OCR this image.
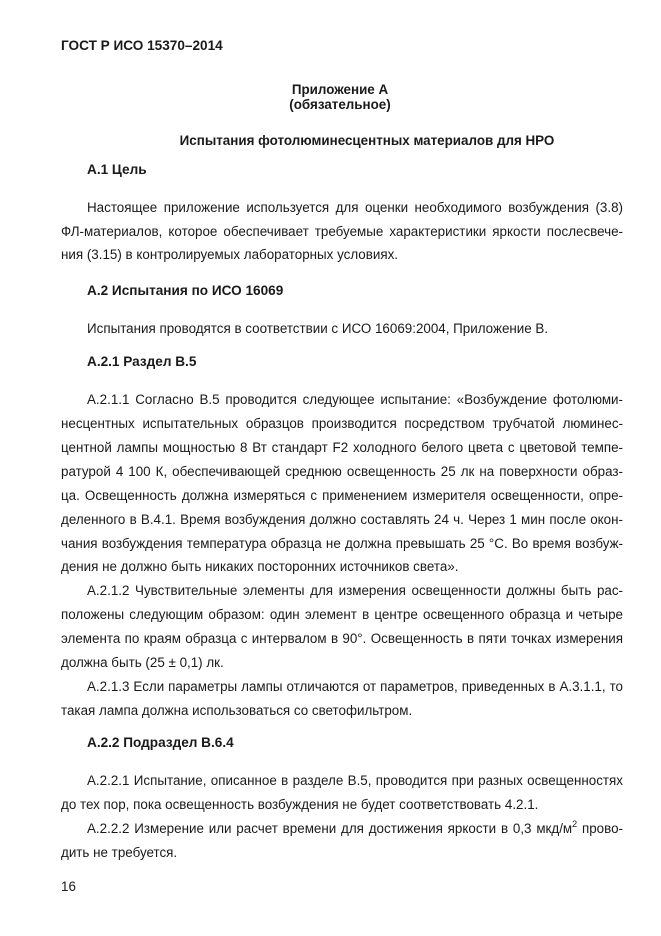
ГОСТ Р ИСО 15370–2014
Приложение А
(обязательное)
Испытания фотолюминесцентных материалов для НРО
А.1 Цель
Настоящее приложение используется для оценки необходимого возбуждения (3.8)
ФЛ-материалов, которое обеспечивает требуемые характеристики яркости послесвече-
ния (3.15) в контролируемых лабораторных условиях.
А.2 Испытания по ИСО 16069
Испытания проводятся в соответствии с ИСО 16069:2004, Приложение В.
А.2.1 Раздел В.5
А.2.1.1 Согласно В.5 проводится следующее испытание: «Возбуждение фотолюми-
несцентных испытательных образцов производится посредством трубчатой люминес-
центной лампы мощностью 8 Вт стандарт F2 холодного белого цвета с цветовой темпе-
ратурой 4 100 К, обеспечивающей среднюю освещенность 25 лк на поверхности образ-
ца. Освещенность должна измеряться с применением измерителя освещенности, опре-
деленного в В.4.1. Время возбуждения должно составлять 24 ч. Через 1 мин после окон-
чания возбуждения температура образца не должна превышать 25 °С. Во время возбуж-
дения не должно быть никаких посторонних источников света».
А.2.1.2 Чувствительные элементы для измерения освещенности должны быть рас-
положены следующим образом: один элемент в центре освещенного образца и четыре
элемента по краям образца с интервалом в 90°. Освещенность в пяти точках измерения
должна быть (25 ± 0,1) лк.
А.2.1.3 Если параметры лампы отличаются от параметров, приведенных в А.3.1.1, то
такая лампа должна использоваться со светофильтром.
А.2.2 Подраздел В.6.4
А.2.2.1 Испытание, описанное в разделе В.5, проводится при разных освещенностях
до тех пор, пока освещенность возбуждения не будет соответствовать 4.2.1.
А.2.2.2 Измерение или расчет времени для достижения яркости в 0,3 мкд/$м^2$ прово-
дить не требуется.
16
